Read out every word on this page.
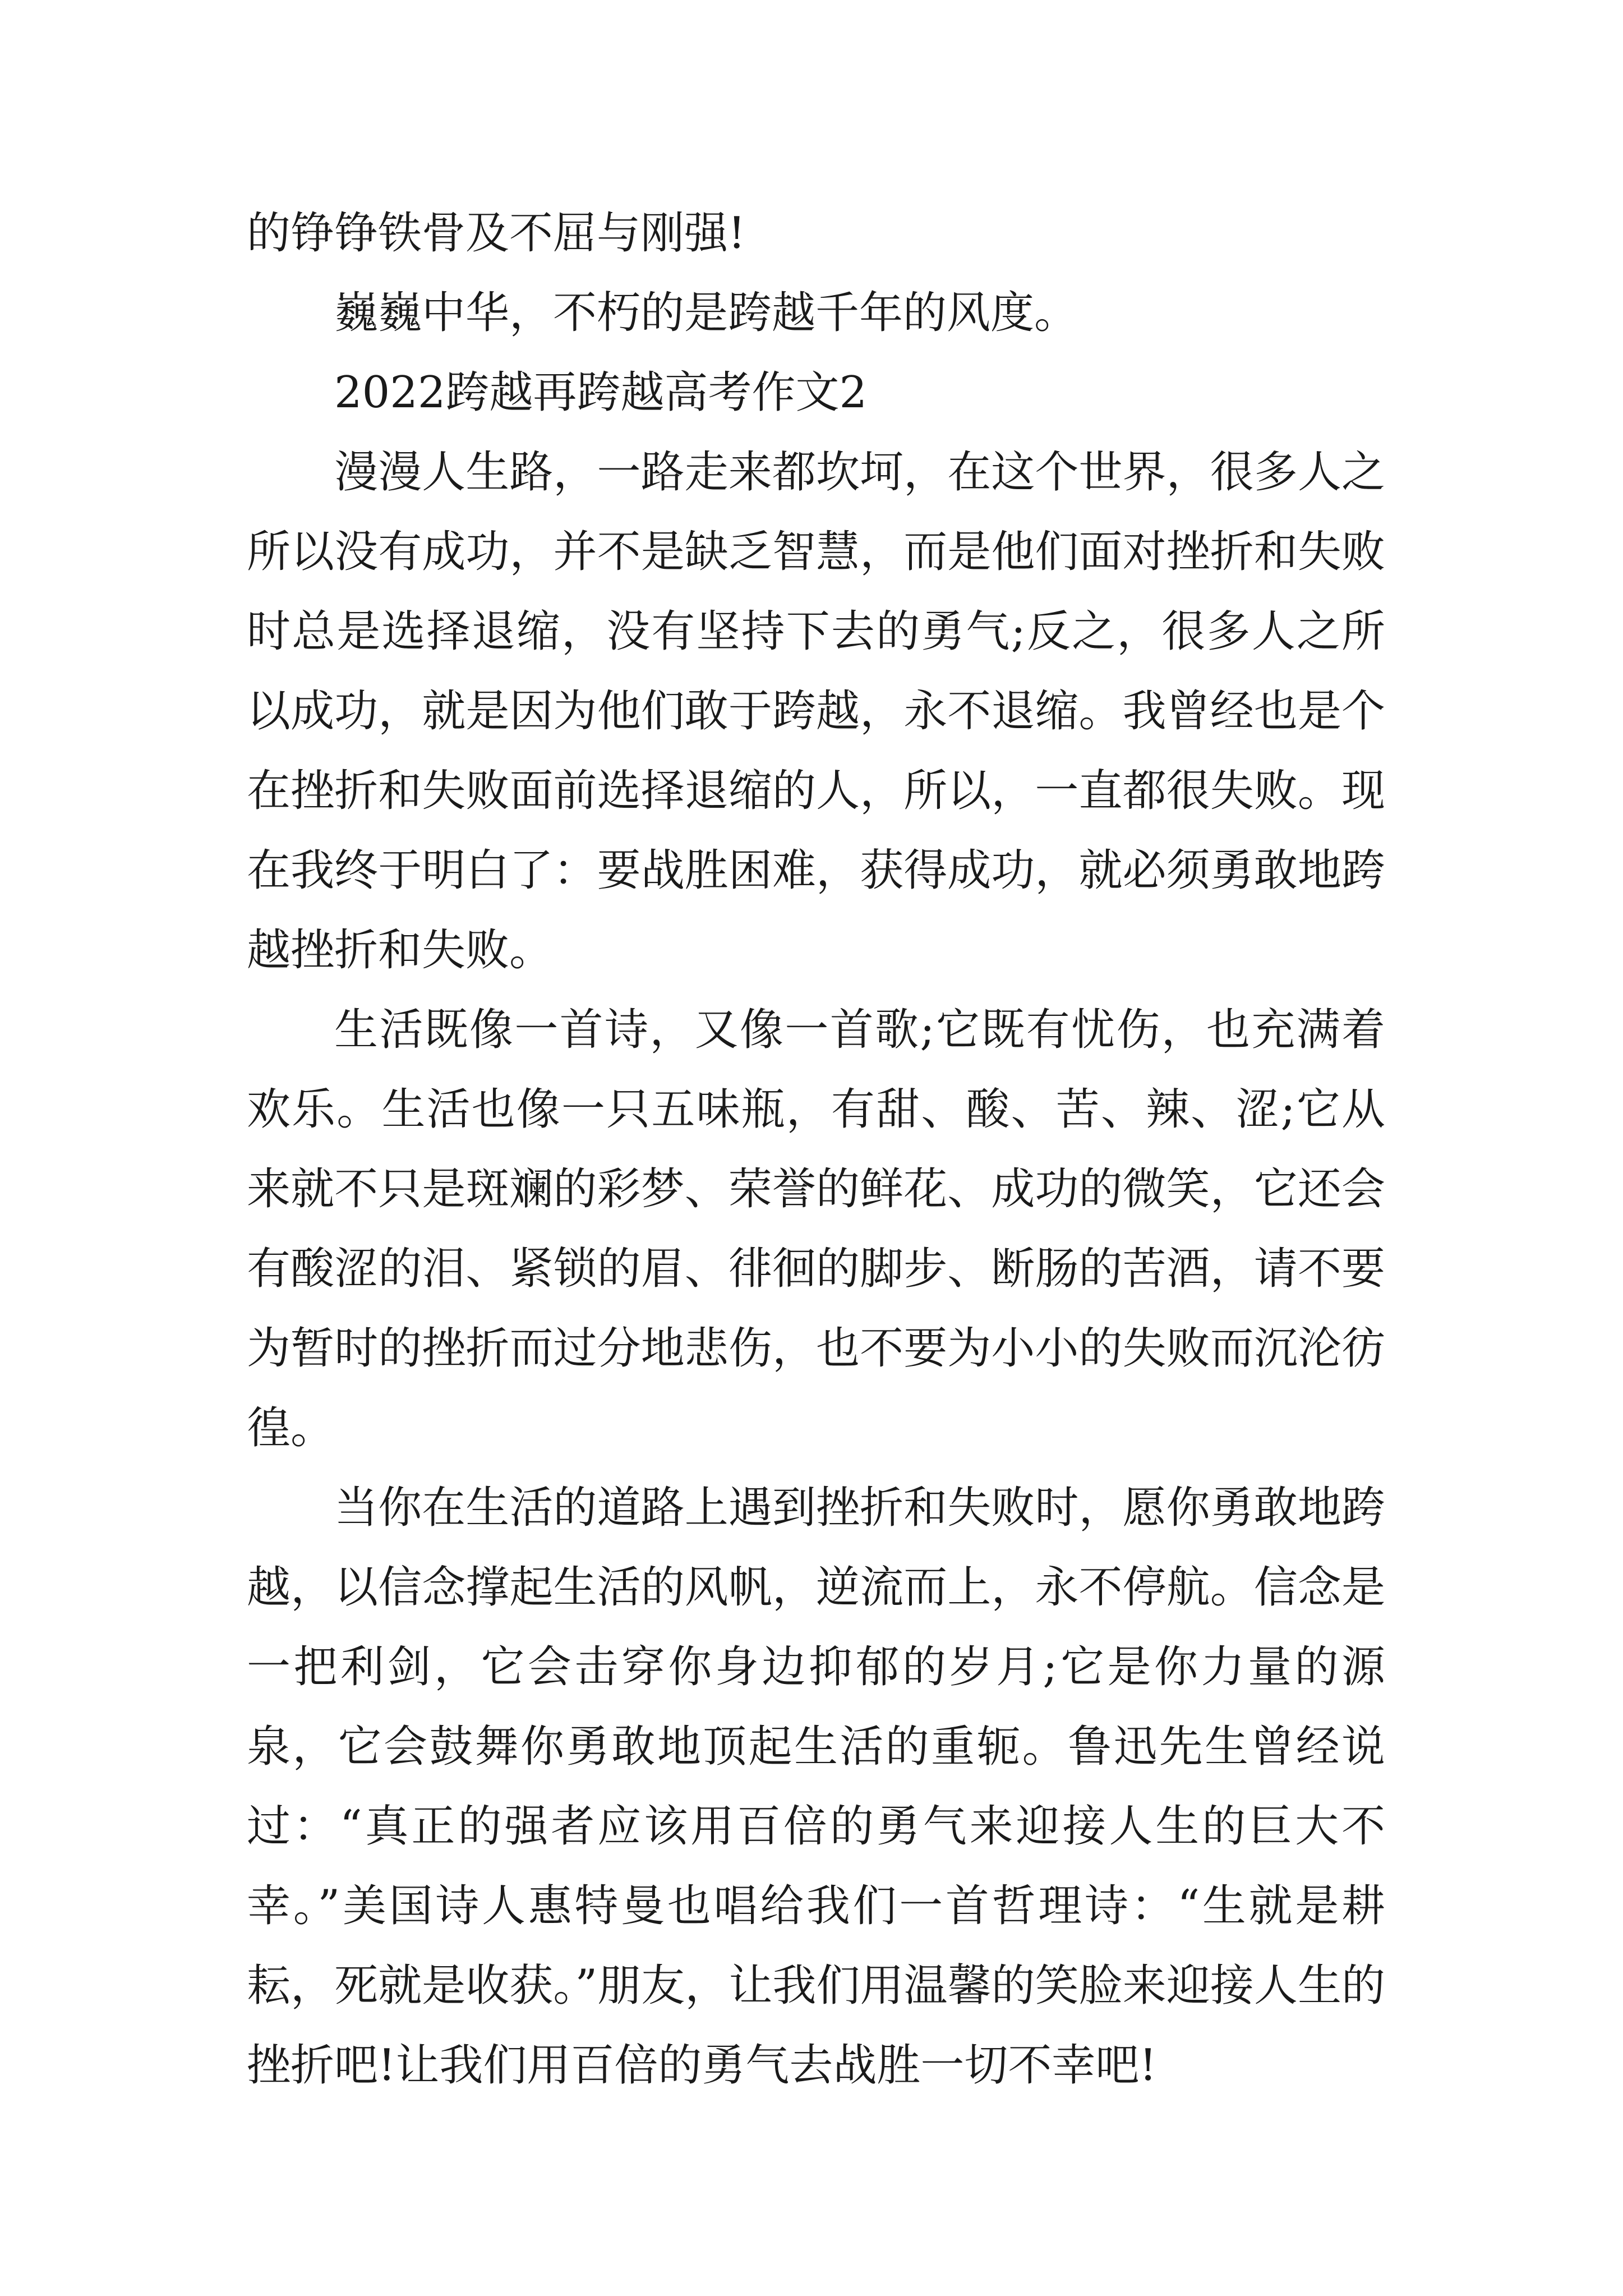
的铮铮铁骨及不屈与刚强!

巍巍中华，不朽的是跨越千年的风度。

2022跨越再跨越高考作文2

漫漫人生路，一路走来都坎坷，在这个世界，很多人之所以没有成功，并不是缺乏智慧，而是他们面对挫折和失败时总是选择退缩，没有坚持下去的勇气;反之，很多人之所以成功，就是因为他们敢于跨越，永不退缩。我曾经也是个在挫折和失败面前选择退缩的人，所以，一直都很失败。现在我终于明白了：要战胜困难，获得成功，就必须勇敢地跨越挫折和失败。

生活既像一首诗，又像一首歌;它既有忧伤，也充满着欢乐。生活也像一只五味瓶，有甜、酸、苦、辣、涩;它从来就不只是斑斓的彩梦、荣誉的鲜花、成功的微笑，它还会有酸涩的泪、紧锁的眉、徘徊的脚步、断肠的苦酒，请不要为暂时的挫折而过分地悲伤，也不要为小小的失败而沉沦彷徨。

当你在生活的道路上遇到挫折和失败时，愿你勇敢地跨越，以信念撑起生活的风帆，逆流而上，永不停航。信念是一把利剑，它会击穿你身边抑郁的岁月;它是你力量的源泉，它会鼓舞你勇敢地顶起生活的重轭。鲁迅先生曾经说过：“真正的强者应该用百倍的勇气来迎接人生的巨大不幸。”美国诗人惠特曼也唱给我们一首哲理诗：“生就是耕耘，死就是收获。”朋友，让我们用温馨的笑脸来迎接人生的挫折吧!让我们用百倍的勇气去战胜一切不幸吧!
